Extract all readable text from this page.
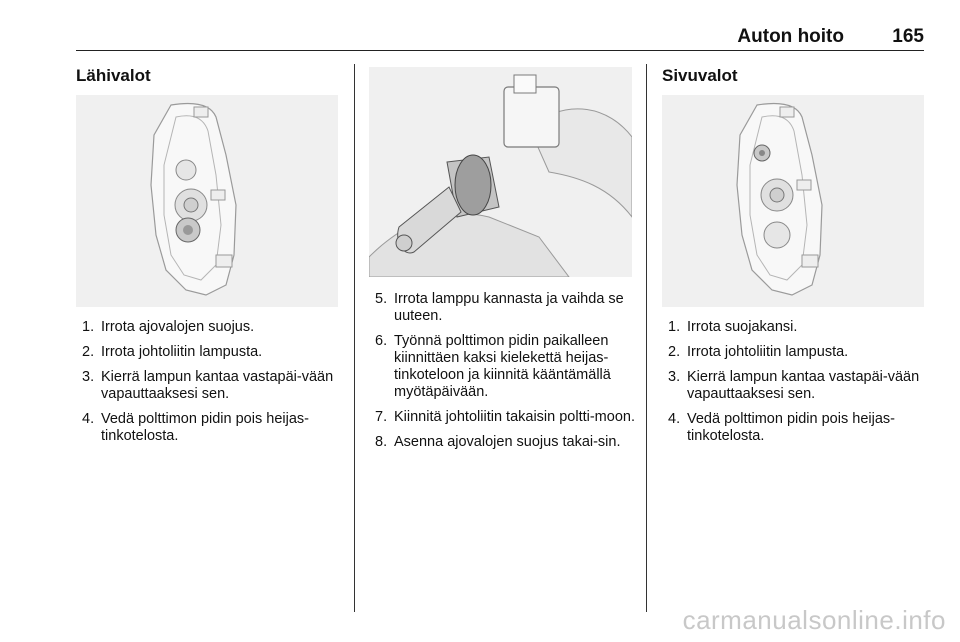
Auton hoito	165
Lähivalot
1. Irrota ajovalojen suojus.
2. Irrota johtoliitin lampusta.
3. Kierrä lampun kantaa vastapäi-vään vapauttaaksesi sen.
4. Vedä polttimon pidin pois heijas-tinkotelosta.
5. Irrota lamppu kannasta ja vaihda se uuteen.
6. Työnnä polttimon pidin paikalleen kiinnittäen kaksi kielekettä heijas-tinkoteloon ja kiinnitä kääntämällä myötäpäivään.
7. Kiinnitä johtoliitin takaisin poltti-moon.
8. Asenna ajovalojen suojus takai-sin.
Sivuvalot
1. Irrota suojakansi.
2. Irrota johtoliitin lampusta.
3. Kierrä lampun kantaa vastapäi-vään vapauttaaksesi sen.
4. Vedä polttimon pidin pois heijas-tinkotelosta.
carmanualsonline.info
